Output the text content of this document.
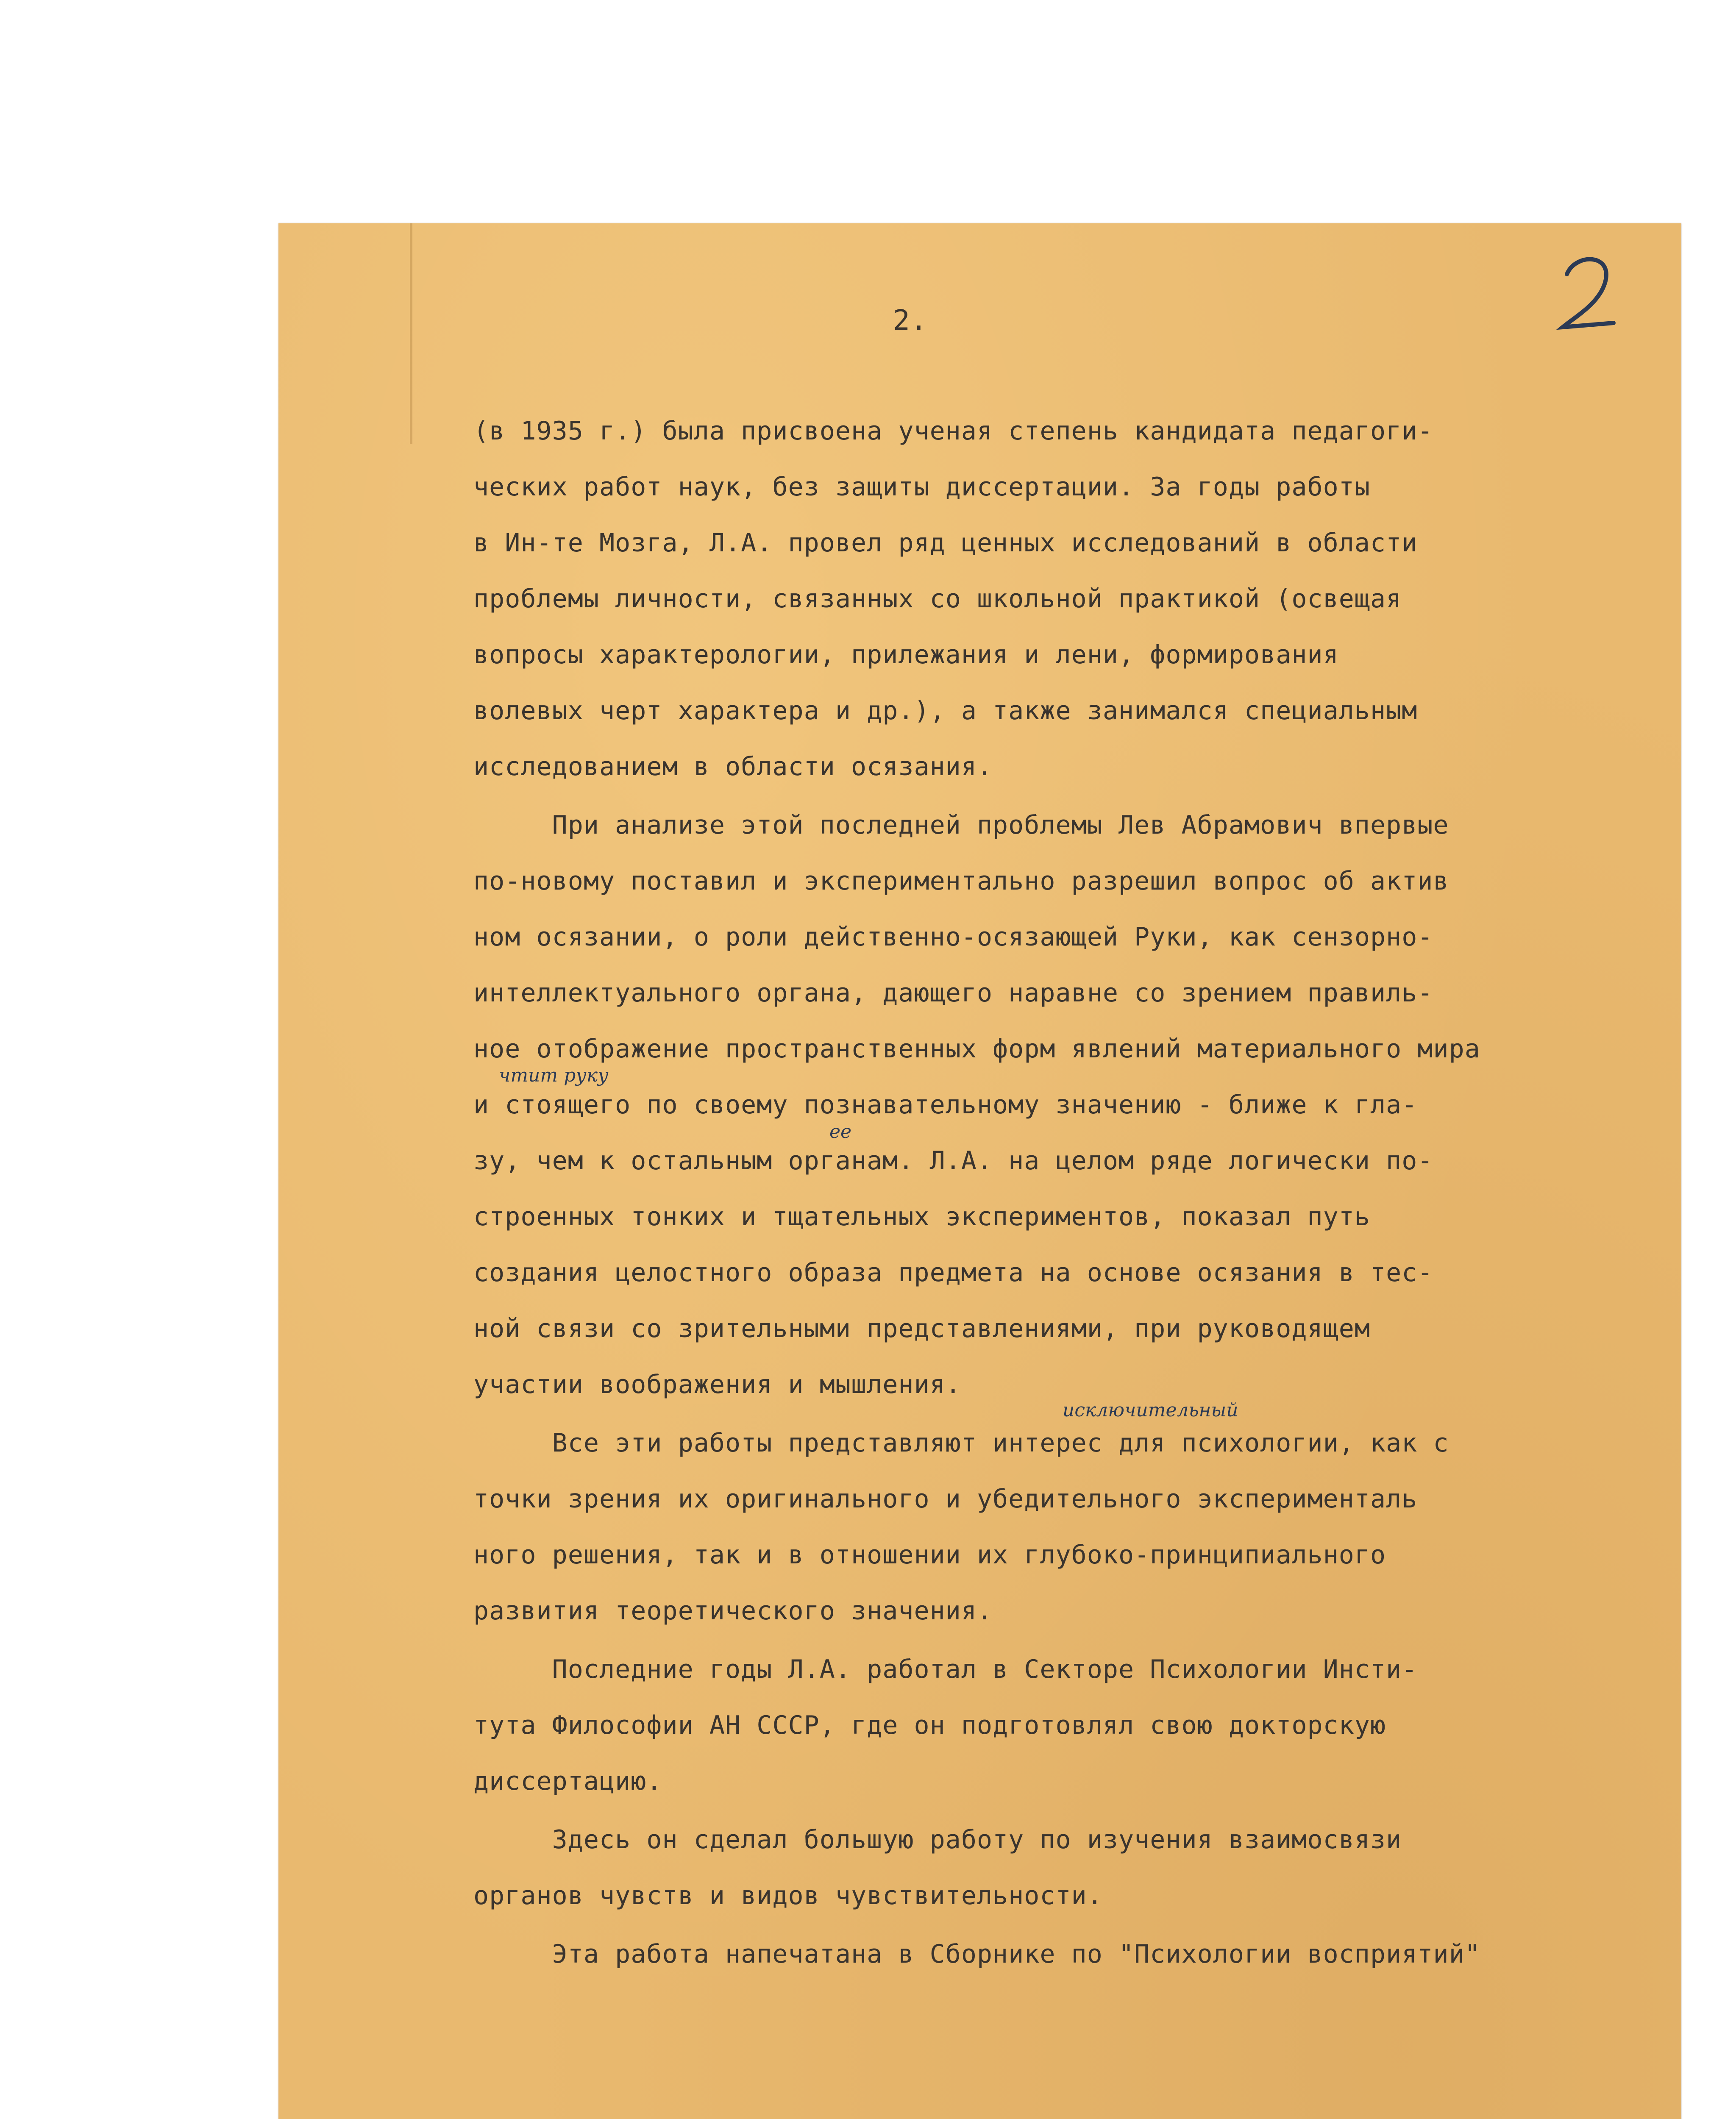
2.
(в 1935 г.) была присвоена ученая степень кандидата педагоги-
ческих работ наук, без защиты диссертации. За годы работы
в Ин-те Мозга, Л.А. провел ряд ценных исследований в области
проблемы личности, связанных со школьной практикой (освещая
вопросы характерологии, прилежания и лени, формирования
волевых черт характера и др.), а также занимался специальным
исследованием в области осязания.
При анализе этой последней проблемы Лев Абрамович впервые
по-новому поставил и экспериментально разрешил вопрос об актив
ном осязании, о роли действенно-осязающей Руки, как сензорно-
интеллектуального органа, дающего наравне со зрением правиль-
ное отображение пространственных форм явлений материального мира
чтит руку
и стоящего по своему познавательному значению - ближе к гла-
ее
зу, чем к остальным органам. Л.А. на целом ряде логически по-
строенных тонких и тщательных экспериментов, показал путь
создания целостного образа предмета на основе осязания в тес-
ной связи со зрительными представлениями, при руководящем
участии воображения и мышления.
исключительный
Все эти работы представляют интерес для психологии, как с
точки зрения их оригинального и убедительного эксперименталь
ного решения, так и в отношении их глубоко-принципиального
развития теоретического значения.
Последние годы Л.А. работал в Секторе Психологии Инсти-
тута Философии АН СССР, где он подготовлял свою докторскую
диссертацию.
Здесь он сделал большую работу по изучения взаимосвязи
органов чувств и видов чувствительности.
Эта работа напечатана в Сборнике по "Психологии восприятий"
